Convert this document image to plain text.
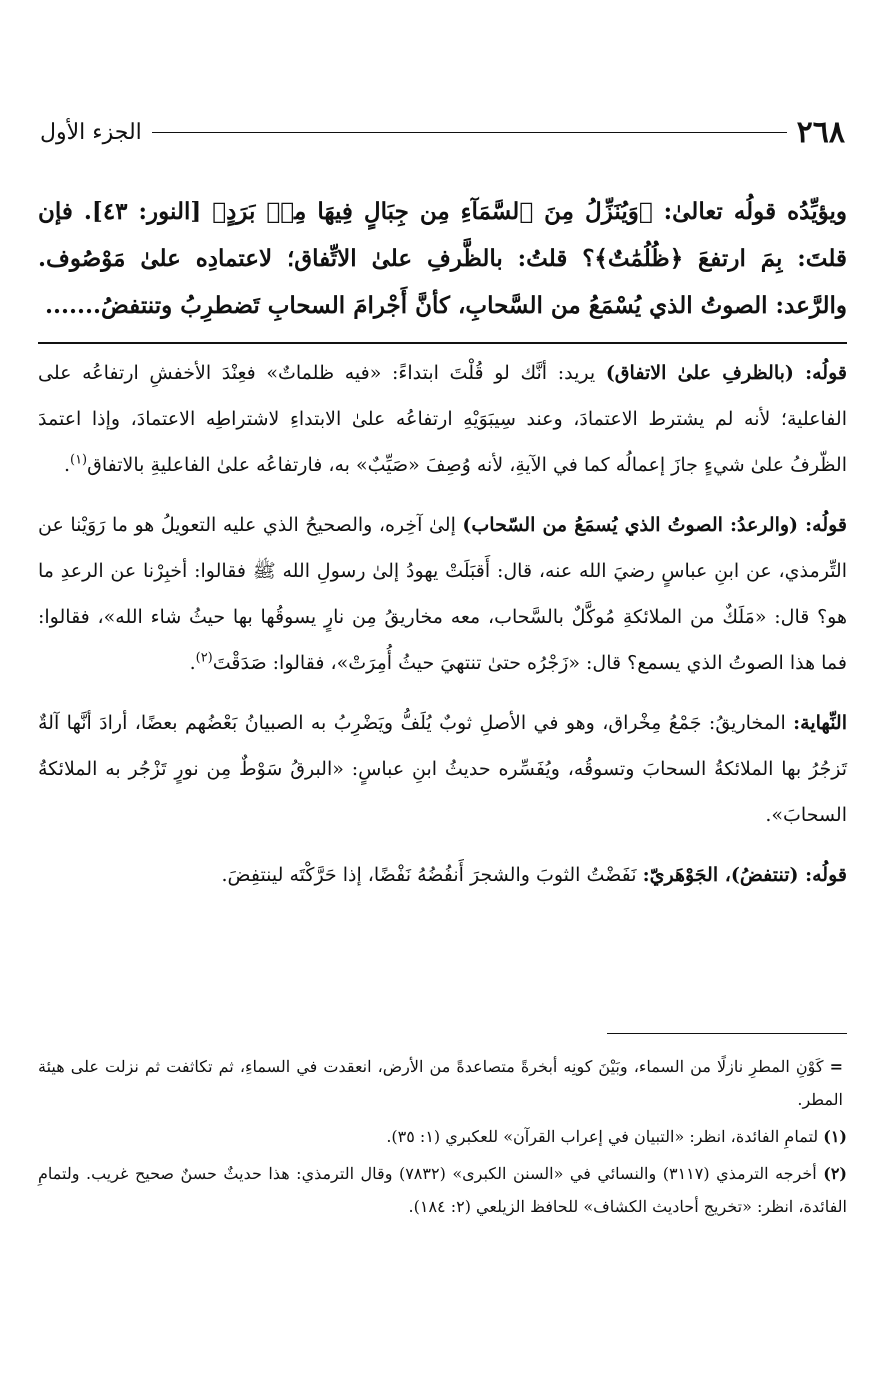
الجزء الأول	٢٦٨

ويؤيِّدُه قولُه تعالىٰ: ﴿وَيُنَزِّلُ مِنَ ٱلسَّمَآءِ مِن جِبَالٍ فِيهَا مِنۢ بَرَدٍ﴾ [النور: ٤٣]. فإن قلتَ: بِمَ ارتفعَ ﴿ظُلُمَٰتٌ﴾؟ قلتُ: بالظَّرفِ علىٰ الاتِّفاق؛ لاعتمادِه علىٰ مَوْصُوف. والرَّعد: الصوتُ الذي يُسْمَعُ من السَّحابِ، كأنَّ أَجْرامَ السحابِ تَضطرِبُ وتنتفضُ.......

قولُه: (بالظرفِ علىٰ الاتفاق) يريد: أنَّك لو قُلْتَ ابتداءً: «فيه ظلماتٌ» فعِنْدَ الأخفشِ ارتفاعُه على الفاعلية؛ لأنه لم يشترط الاعتمادَ، وعند سِيبَوَيْهِ ارتفاعُه علىٰ الابتداءِ لاشتراطِه الاعتمادَ، وإذا اعتمدَ الظّرفُ علىٰ شيءٍ جازَ إعمالُه كما في الآيةِ، لأنه وُصِفَ «صَيِّبٌ» به، فارتفاعُه علىٰ الفاعليةِ بالاتفاق$^{(١)}$.

قولُه: (والرعدُ: الصوتُ الذي يُسمَعُ من السّحاب) إلىٰ آخِره، والصحيحُ الذي عليه التعويلُ هو ما رَوَيْنا عن التِّرمذي، عن ابنِ عباسٍ رضيَ الله عنه، قال: أَقبَلَتْ يهودُ إلىٰ رسولِ الله ﷺ فقالوا: أخبِرْنا عن الرعدِ ما هو؟ قال: «مَلَكٌ من الملائكةِ مُوكَّلٌ بالسَّحاب، معه مخاريقُ مِن نارٍ يسوقُها بها حيثُ شاء الله»، فقالوا: فما هذا الصوتُ الذي يسمع؟ قال: «زَجْرُه حتىٰ تنتهيَ حيثُ أُمِرَتْ»، فقالوا: صَدَقْتَ$^{(٢)}$.

النِّهاية: المخاريقُ: جَمْعُ مِخْراق، وهو في الأصلِ ثوبٌ يُلَفُّ ويَضْرِبُ به الصبيانُ بَعْضُهم بعضًا، أرادَ أنَّها آلةٌ تَزجُرُ بها الملائكةُ السحابَ وتسوقُه، ويُفَسِّره حديثُ ابنِ عباسٍ: «البرقُ سَوْطٌ مِن نورٍ تَزْجُر به الملائكةُ السحابَ».

قولُه: (تنتفضُ)، الجَوْهَريّ: نَفَضْتُ الثوبَ والشجرَ أَنفُضُهُ نَفْضًا، إذا حَرَّكْتَه لينتفِضَ.

= كَوْنِ المطرِ نازلًا من السماء، وبَيْنَ كونِه أبخرةً متصاعدةً من الأرض، انعقدت في السماءِ، ثم تكاثفت ثم نزلت على هيئة المطر.

(١) لتمامِ الفائدة، انظر: «التبيان في إعراب القرآن» للعكبري (١: ٣٥).

(٢) أخرجه الترمذي (٣١١٧) والنسائي في «السنن الكبرى» (٧٨٣٢) وقال الترمذي: هذا حديثٌ حسنٌ صحيح غريب. ولتمامِ الفائدة، انظر: «تخريج أحاديث الكشاف» للحافظ الزيلعي (٢: ١٨٤).
